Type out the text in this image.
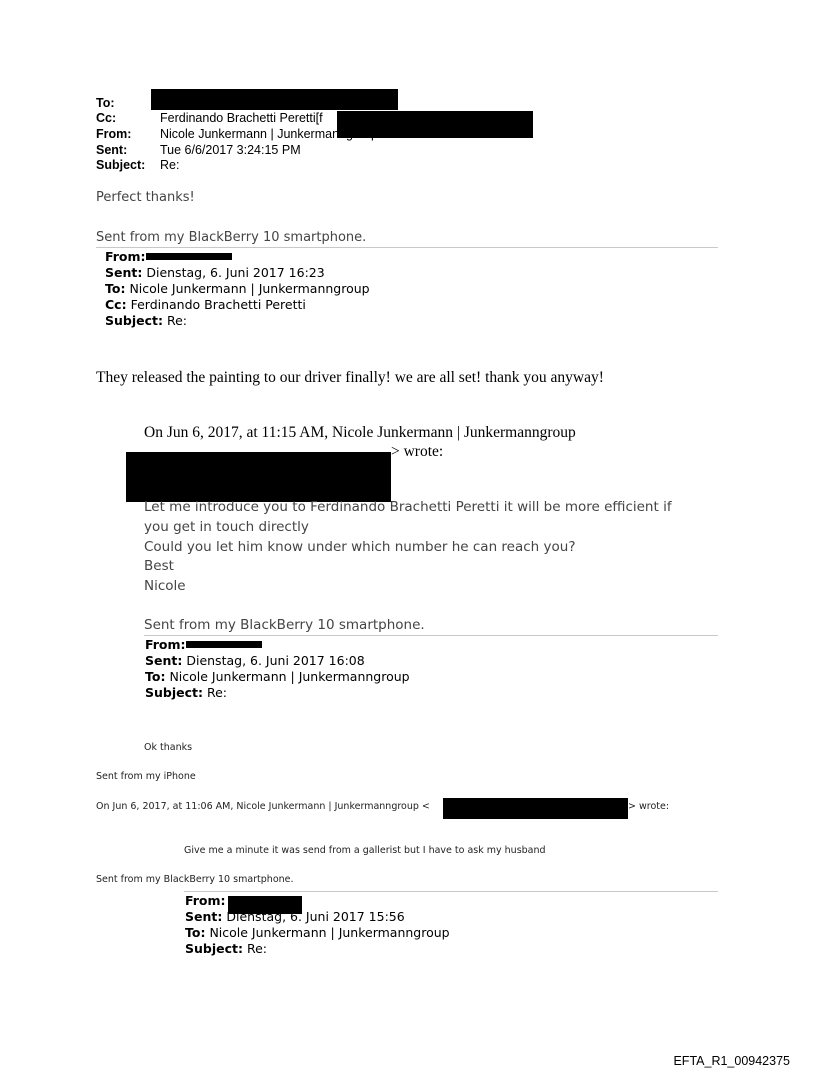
To:
Cc:	Ferdinando Brachetti Peretti[f
From: Nicole Junkermann | Junkermanngroup
Sent:	Tue 6/6/2017 3:24:15 PM
Subject: Re:
Perfect thanks!
Sent from my BlackBerry 10 smartphone.
From:
Sent: Dienstag, 6. Juni 2017 16:23
To: Nicole Junkermann | Junkermanngroup
Cc: Ferdinando Brachetti Peretti
Subject: Re:
They released the painting to our driver finally! we are all set! thank you anyway!
On Jun 6, 2017, at 11:15 AM, Nicole Junkermann | Junkermanngroup
> wrote:
Let me introduce you to Ferdinando Brachetti Peretti it will be more efficient if
you get in touch directly
Could you let him know under which number he can reach you?
Best
Nicole
Sent from my BlackBerry 10 smartphone.
From:
Sent: Dienstag, 6. Juni 2017 16:08
To: Nicole Junkermann | Junkermanngroup
Subject: Re:
Ok thanks
Sent from my iPhone
On Jun 6, 2017, at 11:06 AM, Nicole Junkermann | Junkermanngroup <	> wrote:
Give me a minute it was send from a gallerist but I have to ask my husband
Sent from my BlackBerry 10 smartphone.
From:
Sent: Dienstag, 6. Juni 2017 15:56
To: Nicole Junkermann | Junkermanngroup
Subject: Re:
EFTA_R1_00942375
